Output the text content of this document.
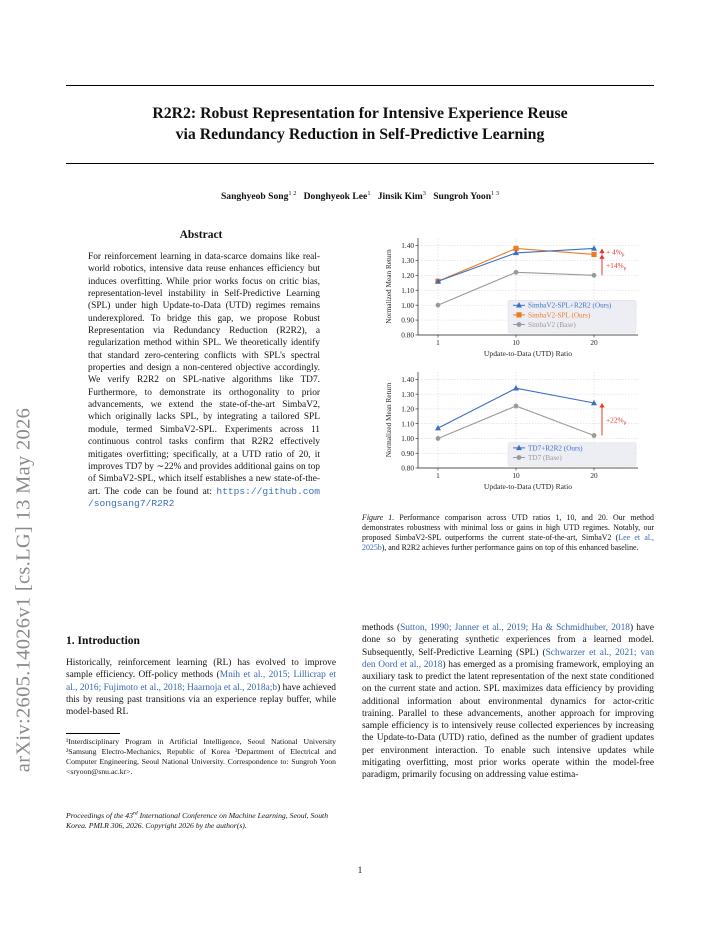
arXiv:2605.14026v1 [cs.LG] 13 May 2026
R2R2: Robust Representation for Intensive Experience Reuse
via Redundancy Reduction in Self-Predictive Learning
Sanghyeob Song$^{1 2}$ Donghyeok Lee$^1$ Jinsik Kim$^3$ Sungroh Yoon$^{1 3}$
Abstract

For reinforcement learning in data-scarce domains like real-world robotics, intensive data reuse enhances efficiency but induces overfitting. While prior works focus on critic bias, representation-level instability in Self-Predictive Learning (SPL) under high Update-to-Data (UTD) regimes remains underexplored. To bridge this gap, we propose Robust Representation via Redundancy Reduction (R2R2), a regularization method within SPL. We theoretically identify that standard zero-centering conflicts with SPL's spectral properties and design a non-centered objective accordingly. We verify R2R2 on SPL-native algorithms like TD7. Furthermore, to demonstrate its orthogonality to prior advancements, we extend the state-of-the-art SimbaV2, which originally lacks SPL, by integrating a tailored SPL module, termed SimbaV2-SPL. Experiments across 11 continuous control tasks confirm that R2R2 effectively mitigates overfitting; specifically, at a UTD ratio of 20, it improves TD7 by ∼22% and provides additional gains on top of SimbaV2-SPL, which itself establishes a new state-of-the-art. The code can be found at: https://github.com /songsang7/R2R2

1. Introduction

Historically, reinforcement learning (RL) has evolved to improve sample efficiency. Off-policy methods (Mnih et al., 2015; Lillicrap et al., 2016; Fujimoto et al., 2018; Haarnoja et al., 2018a;b) have achieved this by reusing past transitions via an experience replay buffer, while model-based RL

¹Interdisciplinary Program in Artificial Intelligence, Seoul National University ²Samsung Electro-Mechanics, Republic of Korea ³Department of Electrical and Computer Engineering, Seoul National University. Correspondence to: Sungroh Yoon <sryoon@snu.ac.kr>.

Proceedings of the 43rd International Conference on Machine Learning, Seoul, South Korea. PMLR 306, 2026. Copyright 2026 by the author(s).

methods (Sutton, 1990; Janner et al., 2019; Ha & Schmidhuber, 2018) have done so by generating synthetic experiences from a learned model. Subsequently, Self-Predictive Learning (SPL) (Schwarzer et al., 2021; van den Oord et al., 2018) has emerged as a promising framework, employing an auxiliary task to predict the latent representation of the next state conditioned on the current state and action. SPL maximizes data efficiency by providing additional information about environmental dynamics for actor-critic training. Parallel to these advancements, another approach for improving sample efficiency is to intensively reuse collected experiences by increasing the Update-to-Data (UTD) ratio, defined as the number of gradient updates per environment interaction. To enable such intensive updates while mitigating overfitting, most prior works operate within the model-free paradigm, primarily focusing on addressing value estima-

0.80
0.90
1.00
1.10
1.20
1.30
1.40
1	10	20
Update-to-Data (UTD) Ratio
Normalized Mean Return	+ $4\%_p$
$+14\%_p$
SimbaV2-SPL+R2R2 (Ours)
SimbaV2-SPL (Ours)
SimbaV2 (Base)
0.80
0.90
1.00
1.10
1.20
1.30
1.40
1	10	20
Update-to-Data (UTD) Ratio
Normalized Mean Return	$+22\%_p$
TD7+R2R2 (Ours)
TD7 (Base)

Figure 1. Performance comparison across UTD ratios 1, 10, and 20. Our method demonstrates robustness with minimal loss or gains in high UTD regimes. Notably, our proposed SimbaV2-SPL outperforms the current state-of-the-art, SimbaV2 (Lee et al., 2025b), and R2R2 achieves further performance gains on top of this enhanced baseline.

1
